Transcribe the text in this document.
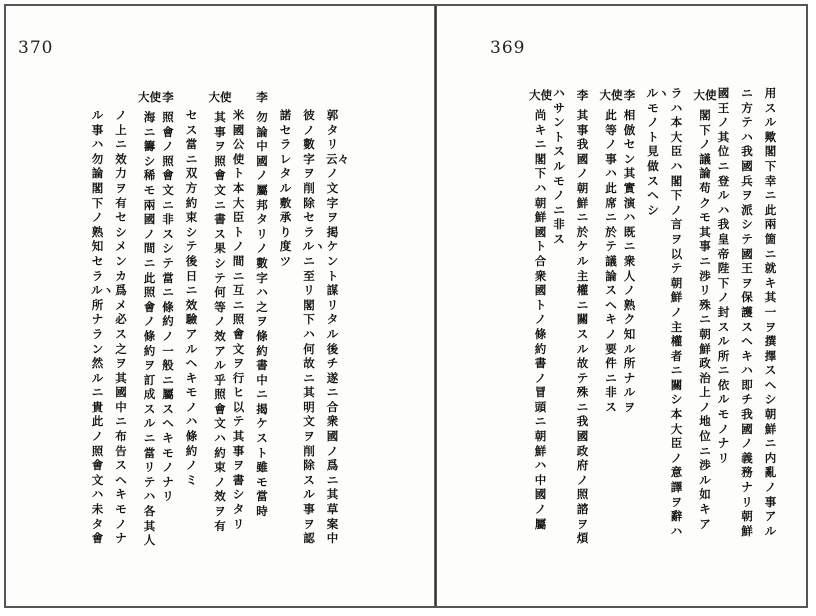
370
郭タリ云々ノ文字ヲ掲ケント謀リタル後チ遂ニ合衆國ノ爲ニ其草案中
彼ノ數字ヲ削除セラルヽニ至リ閣下ハ何故ニ其明文ヲ削除スル事ヲ認
諾セラレタル敷承り度ツ
李
勿論中國ノ屬邦タリノ數字ハ之ヲ條約書中ニ揭ケスト雖モ當時
米國公使ト本大臣トノ間ニ互ニ照會文ヲ行ヒ以テ其事ヲ書シタリ
大使
其事ヲ照會文ニ書ス果シテ何等ノ效アル乎照會文ハ約束ノ效ヲ有
セス當ニ双方約束シテ後日ニ效驗アルヘキモノハ條約ノミ
李
照會ノ照會文ニ非スシテ當ニ條約ノ一般ニ屬スヘキモノナリ
大使
海ニ籌シ稀モ兩國ノ間ニ此照會ノ條約ヲ訂成スルニ當リテハ各其人
ノ上ニ效力ヲ有セシメンカ爲メ必ス之ヲ其國中ニ布告スヘキモノナ
ル事ハ勿論閣下ノ熟知セラルヽ所ナラン然ルニ貴此ノ照會文ハ未タ會
369
用スル歟閣下幸ニ此兩箇ニ就キ其一ヲ撰擇スヘシ朝鮮ニ内亂ノ事アル
ニ方テハ我國兵ヲ派シテ國王ヲ保護スヘキハ即チ我國ノ義務ナリ朝鮮
國王ノ其位ニ登ルハ我皇帝陛下ノ封スル所ニ依ルモノナリ
大使
閣下ノ議論苟クモ其事ニ渉リ殊ニ朝鮮政治上ノ地位ニ渉ル如キア
ラハ本大臣ハ閣下ノ言ヲ以テ朝鮮ノ主權者ニ關シ本大臣ノ意譯ヲ辭ハ
ルヽモノト見做スヘシ
李
相倣セン其實演ハ既ニ衆人ノ熟ク知ル所ナルヲ
大使
此等ノ事ハ此席ニ於テ議論スヘキノ要件ニ非ス
李
其事我國ノ朝鮮ニ於ケル主權ニ關スル故テ殊ニ我國政府ノ照諮ヲ煩
ハサントスルモノニ非ス
大使
尚キニ閣下ハ朝鮮國ト合衆國トノ條約書ノ冒頭ニ朝鮮ハ中國ノ屬
